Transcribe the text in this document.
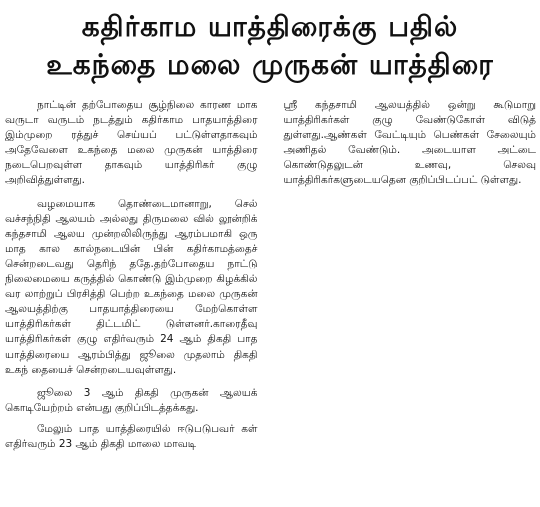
கதிர்காம யாத்திரைக்கு பதில்
உகந்தை மலை முருகன் யாத்திரை

நாட்டின் தற்போதைய சூழ்நிலை காரண மாக வருடா வருடம் நடத்தும் கதிர்காம பாதயாத்திரை இம்முறை ரத்துச் செய்யப் பட்டுள்ளதாகவும் அதேவேளை உகந்தை மலை முருகன் யாத்திரை நடைபெறவுள்ள தாகவும் யாத்திரிகர் குழு அறிவித்துள்ளது.

வழமையாக தொண்டைமானாறு, செல் வச்சந்நிதி ஆலயம் அல்லது திருமலை வில் லூன்றிக் கந்தசாமி ஆலய முன்றலிலிருந்து ஆரம்பமாகி ஒரு மாத கால கால்நடையின் பின் கதிர்காமத்தைச் சென்றடைவது தெரிந் ததே.தற்போதைய நாட்டு நிலைமையை கருத்தில் கொண்டு இம்முறை கிழக்கில் வர லாற்றுப் பிரசித்தி பெற்ற உகந்தை மலை முருகன் ஆலயத்திற்கு பாதயாத்திரையை மேற்கொள்ள யாத்திரிகர்கள் திட்டமிட் டுள்ளனர்.காரைதீவு யாத்திரிகர்கள் குழு எதிர்வரும் 24 ஆம் திகதி பாத யாத்திரையை ஆரம்பித்து ஜூலை முதலாம் திகதி உகந் தையைச் சென்றடையவுள்ளது.

ஜூலை 3 ஆம் திகதி முருகன் ஆலயக் கொடியேற்றம் என்பது குறிப்பிடத்தக்கது.

மேலும் பாத யாத்திரையில் ஈடுபடுபவர் கள் எதிர்வரும் 23 ஆம் திகதி மாலை மாவடி

ஸ்ரீ கந்தசாமி ஆலயத்தில் ஒன்று கூடுமாறு யாத்திரிகர்கள் குழு வேண்டுகோள் விடுத் துள்ளது.ஆண்கள் வேட்டியும் பெண்கள் சேலையும் அணிதல் வேண்டும். அடையாள அட்டை கொண்டுதலுடன் உணவு, செலவு யாத்திரிகர்களுடையதென குறிப்பிடப்பட் டுள்ளது.
